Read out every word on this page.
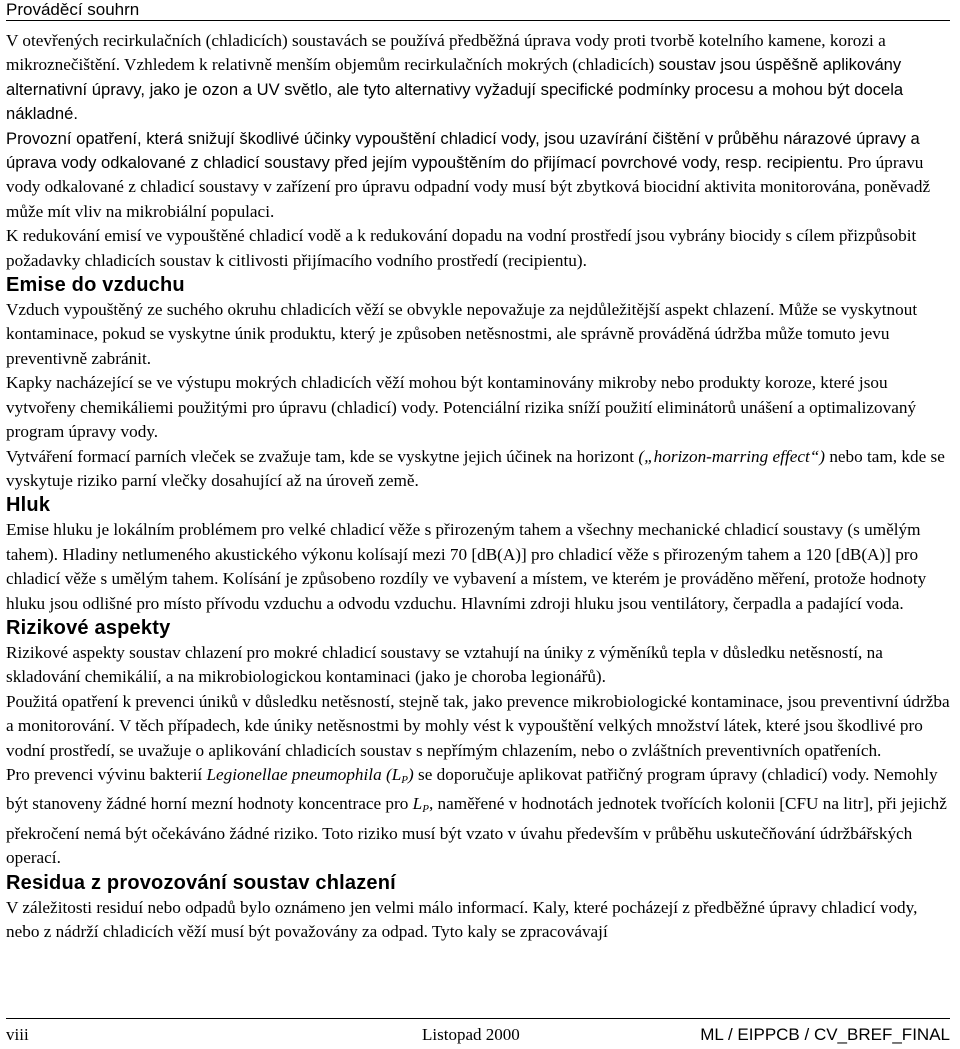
Prováděcí souhrn

V otevřených recirkulačních (chladicích) soustavách se používá předběžná úprava vody proti tvorbě kotelního kamene, korozi a mikroznečištění. Vzhledem k relativně menším objemům recirkulačních mokrých (chladicích) soustav jsou úspěšně aplikovány alternativní úpravy, jako je ozon a UV světlo, ale tyto alternativy vyžadují specifické podmínky procesu a mohou být docela nákladné.

Provozní opatření, která snižují škodlivé účinky vypouštění chladicí vody, jsou uzavírání čištění v průběhu nárazové úpravy a úprava vody odkalované z chladicí soustavy před jejím vypouštěním do přijímací povrchové vody, resp. recipientu. Pro úpravu vody odkalované z chladicí soustavy v zařízení pro úpravu odpadní vody musí být zbytková biocidní aktivita monitorována, poněvadž může mít vliv na mikrobiální populaci.

K redukování emisí ve vypouštěné chladicí vodě a k redukování dopadu na vodní prostředí jsou vybrány biocidy s cílem přizpůsobit požadavky chladicích soustav k citlivosti přijímacího vodního prostředí (recipientu).

Emise do vzduchu

Vzduch vypouštěný ze suchého okruhu chladicích věží se obvykle nepovažuje za nejdůležitější aspekt chlazení. Může se vyskytnout kontaminace, pokud se vyskytne únik produktu, který je způsoben netěsnostmi, ale správně prováděná údržba může tomuto jevu preventivně zabránit.

Kapky nacházející se ve výstupu mokrých chladicích věží mohou být kontaminovány mikroby nebo produkty koroze, které jsou vytvořeny chemikáliemi použitými pro úpravu (chladicí) vody. Potenciální rizika sníží použití eliminátorů unášení a optimalizovaný program úpravy vody.

Vytváření formací parních vleček se zvažuje tam, kde se vyskytne jejich účinek na horizont („horizon-marring effect“) nebo tam, kde se vyskytuje riziko parní vlečky dosahující až na úroveň země.

Hluk

Emise hluku je lokálním problémem pro velké chladicí věže s přirozeným tahem a všechny mechanické chladicí soustavy (s umělým tahem). Hladiny netlumeného akustického výkonu kolísají mezi 70 [dB(A)] pro chladicí věže s přirozeným tahem a 120 [dB(A)] pro chladicí věže s umělým tahem. Kolísání je způsobeno rozdíly ve vybavení a místem, ve kterém je prováděno měření, protože hodnoty hluku jsou odlišné pro místo přívodu vzduchu a odvodu vzduchu. Hlavními zdroji hluku jsou ventilátory, čerpadla a padající voda.

Rizikové aspekty

Rizikové aspekty soustav chlazení pro mokré chladicí soustavy se vztahují na úniky z výměníků tepla v důsledku netěsností, na skladování chemikálií, a na mikrobiologickou kontaminaci (jako je choroba legionářů).

Použitá opatření k prevenci úniků v důsledku netěsností, stejně tak, jako prevence mikrobiologické kontaminace, jsou preventivní údržba a monitorování. V těch případech, kde úniky netěsnostmi by mohly vést k vypouštění velkých množství látek, které jsou škodlivé pro vodní prostředí, se uvažuje o aplikování chladicích soustav s nepřímým chlazením, nebo o zvláštních preventivních opatřeních.

Pro prevenci vývinu bakterií Legionellae pneumophila $(L_P)$ se doporučuje aplikovat patřičný program úpravy (chladicí) vody. Nemohly být stanoveny žádné horní mezní hodnoty koncentrace pro $L_P$, naměřené v hodnotách jednotek tvořících kolonii [CFU na litr], při jejichž překročení nemá být očekáváno žádné riziko. Toto riziko musí být vzato v úvahu především v průběhu uskutečňování údržbářských operací.

Residua z provozování soustav chlazení

V záležitosti residuí nebo odpadů bylo oznámeno jen velmi málo informací. Kaly, které pocházejí z předběžné úpravy chladicí vody, nebo z nádrží chladicích věží musí být považovány za odpad. Tyto kaly se zpracovávají

viii	Listopad 2000	ML / EIPPCB / CV_BREF_FINAL
